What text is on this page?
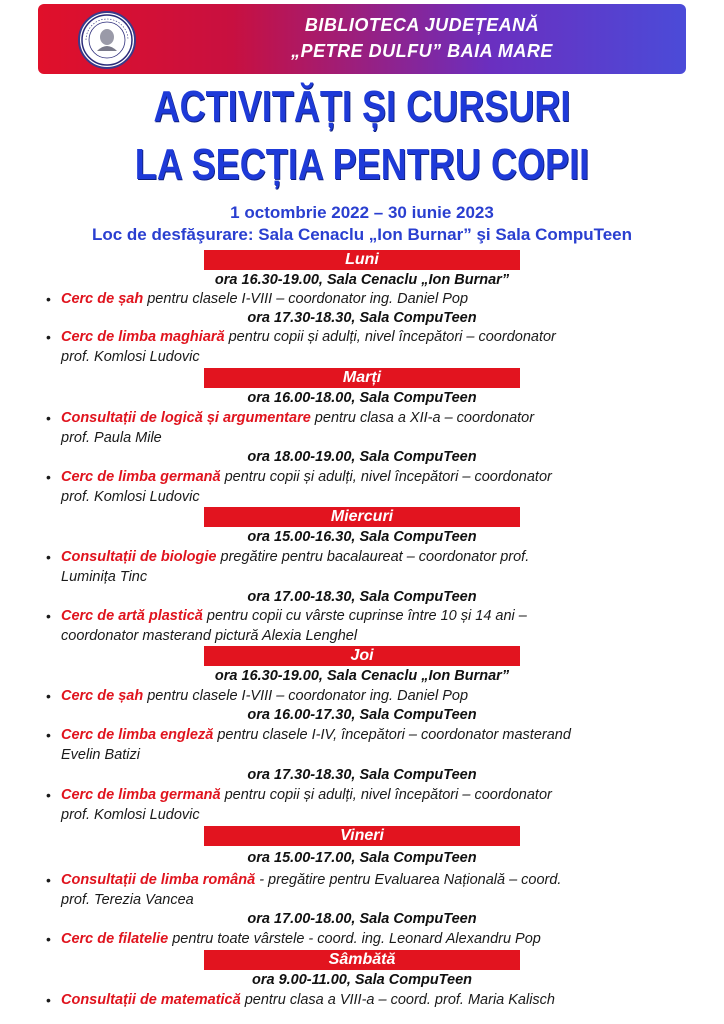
BIBLIOTECA JUDEȚEANĂ
„PETRE DULFU” BAIA MARE
ACTIVITĂȚI ȘI CURSURI
LA SECȚIA PENTRU COPII
1 octombrie 2022 – 30 iunie 2023
Loc de desfăşurare: Sala Cenaclu „Ion Burnar” şi Sala CompuTeen
Luni
ora 16.30-19.00, Sala Cenaclu „Ion Burnar”
• Cerc de șah pentru clasele I-VIII – coordonator ing. Daniel Pop
ora 17.30-18.30, Sala CompuTeen
• Cerc de limba maghiară pentru copii și adulți, nivel începători – coordonator
prof. Komlosi Ludovic
Marți
ora 16.00-18.00, Sala CompuTeen
• Consultații de logică și argumentare pentru clasa a XII-a – coordonator
prof. Paula Mile
ora 18.00-19.00, Sala CompuTeen
• Cerc de limba germană pentru copii și adulți, nivel începători – coordonator
prof. Komlosi Ludovic
Miercuri
ora 15.00-16.30, Sala CompuTeen
• Consultații de biologie pregătire pentru bacalaureat – coordonator prof.
Luminița Tinc
ora 17.00-18.30, Sala CompuTeen
• Cerc de artă plastică pentru copii cu vârste cuprinse între 10 și 14 ani –
coordonator masterand pictură Alexia Lenghel
Joi
ora 16.30-19.00, Sala Cenaclu „Ion Burnar”
• Cerc de șah pentru clasele I-VIII – coordonator ing. Daniel Pop
ora 16.00-17.30, Sala CompuTeen
• Cerc de limba engleză pentru clasele I-IV, începători – coordonator masterand
Evelin Batizi
ora 17.30-18.30, Sala CompuTeen
• Cerc de limba germană pentru copii și adulți, nivel începători – coordonator
prof. Komlosi Ludovic
Vineri
ora 15.00-17.00, Sala CompuTeen
• Consultații de limba română - pregătire pentru Evaluarea Națională – coord.
prof. Terezia Vancea
ora 17.00-18.00, Sala CompuTeen
• Cerc de filatelie pentru toate vârstele - coord. ing. Leonard Alexandru Pop
Sâmbătă
ora 9.00-11.00, Sala CompuTeen
• Consultații de matematică pentru clasa a VIII-a – coord. prof. Maria Kalisch
